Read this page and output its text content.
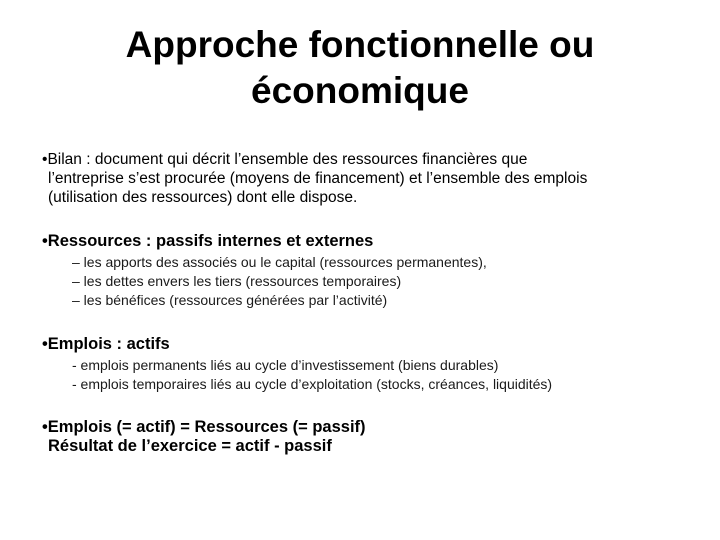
Approche fonctionnelle ou
économique

•Bilan : document qui décrit l’ensemble des ressources financières que
l’entreprise s’est procurée (moyens de financement) et l’ensemble des emplois
(utilisation des ressources) dont elle dispose.

•Ressources : passifs internes et externes

– les apports des associés ou le capital (ressources permanentes),
– les dettes envers les tiers (ressources temporaires)
– les bénéfices (ressources générées par l’activité)

•Emplois : actifs

- emplois permanents liés au cycle d’investissement (biens durables)
- emplois temporaires liés au cycle d’exploitation (stocks, créances, liquidités)

•Emplois (= actif) = Ressources (= passif)
Résultat de l’exercice = actif - passif
